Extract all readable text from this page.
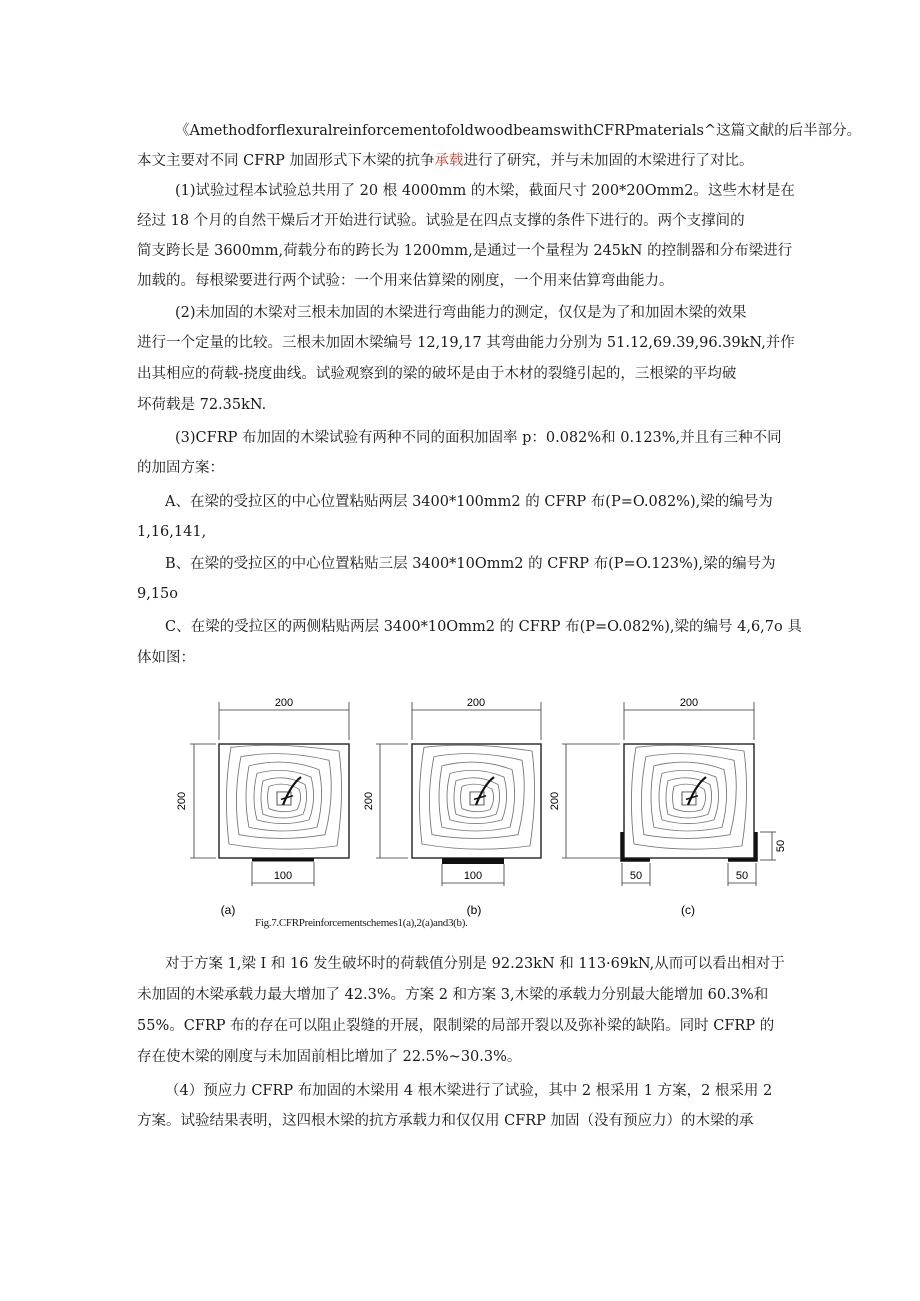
《AmethodforflexuralreinforcementofoldwoodbeamswithCFRPmaterials^这篇文献的后半部分。
本文主要对不同 CFRP 加固形式下木梁的抗争承载进行了研究，并与未加固的木梁进行了对比。
(1)试验过程本试验总共用了 20 根 4000mm 的木梁，截面尺寸 200*20Omm2。这些木材是在
经过 18 个月的自然干燥后才开始进行试验。试验是在四点支撑的条件下进行的。两个支撑间的
简支跨长是 3600mm,荷载分布的跨长为 1200mm,是通过一个量程为 245kN 的控制器和分布梁进行
加载的。每根梁要进行两个试验：一个用来估算梁的刚度，一个用来估算弯曲能力。
(2)未加固的木梁对三根未加固的木梁进行弯曲能力的测定，仅仅是为了和加固木梁的效果
进行一个定量的比较。三根未加固木梁编号 12,19,17 其弯曲能力分别为 51.12,69.39,96.39kN,并作
出其相应的荷载-挠度曲线。试验观察到的梁的破坏是由于木材的裂缝引起的，三根梁的平均破
坏荷载是 72.35kN.
(3)CFRP 布加固的木梁试验有两种不同的面积加固率 p：0.082%和 0.123%,并且有三种不同
的加固方案：
A、在梁的受拉区的中心位置粘贴两层 3400*100mm2 的 CFRP 布(P=O.082%),梁的编号为
1,16,141,
B、在梁的受拉区的中心位置粘贴三层 3400*10Omm2 的 CFRP 布(P=O.123%),梁的编号为
9,15o
C、在梁的受拉区的两侧粘贴两层 3400*10Omm2 的 CFRP 布(P=O.082%),梁的编号 4,6,7o 具
体如图：
200
200
100
(a)
200
200
100
(b)
200
200
50	50
50
(c)
Fig.7.CFRPreinforcementschemes1(a),2(a)and3(b).
对于方案 1,梁 I 和 16 发生破坏时的荷载值分别是 92.23kN 和 113·69kN,从而可以看出相对于
未加固的木梁承载力最大增加了 42.3%。方案 2 和方案 3,木梁的承载力分别最大能增加 60.3%和
55%。CFRP 布的存在可以阻止裂缝的开展，限制梁的局部开裂以及弥补梁的缺陷。同时 CFRP 的
存在使木梁的刚度与未加固前相比增加了 22.5%~30.3%。
（4）预应力 CFRP 布加固的木梁用 4 根木梁进行了试验，其中 2 根采用 1 方案，2 根采用 2
方案。试验结果表明，这四根木梁的抗方承载力和仅仅用 CFRP 加固（没有预应力）的木梁的承
